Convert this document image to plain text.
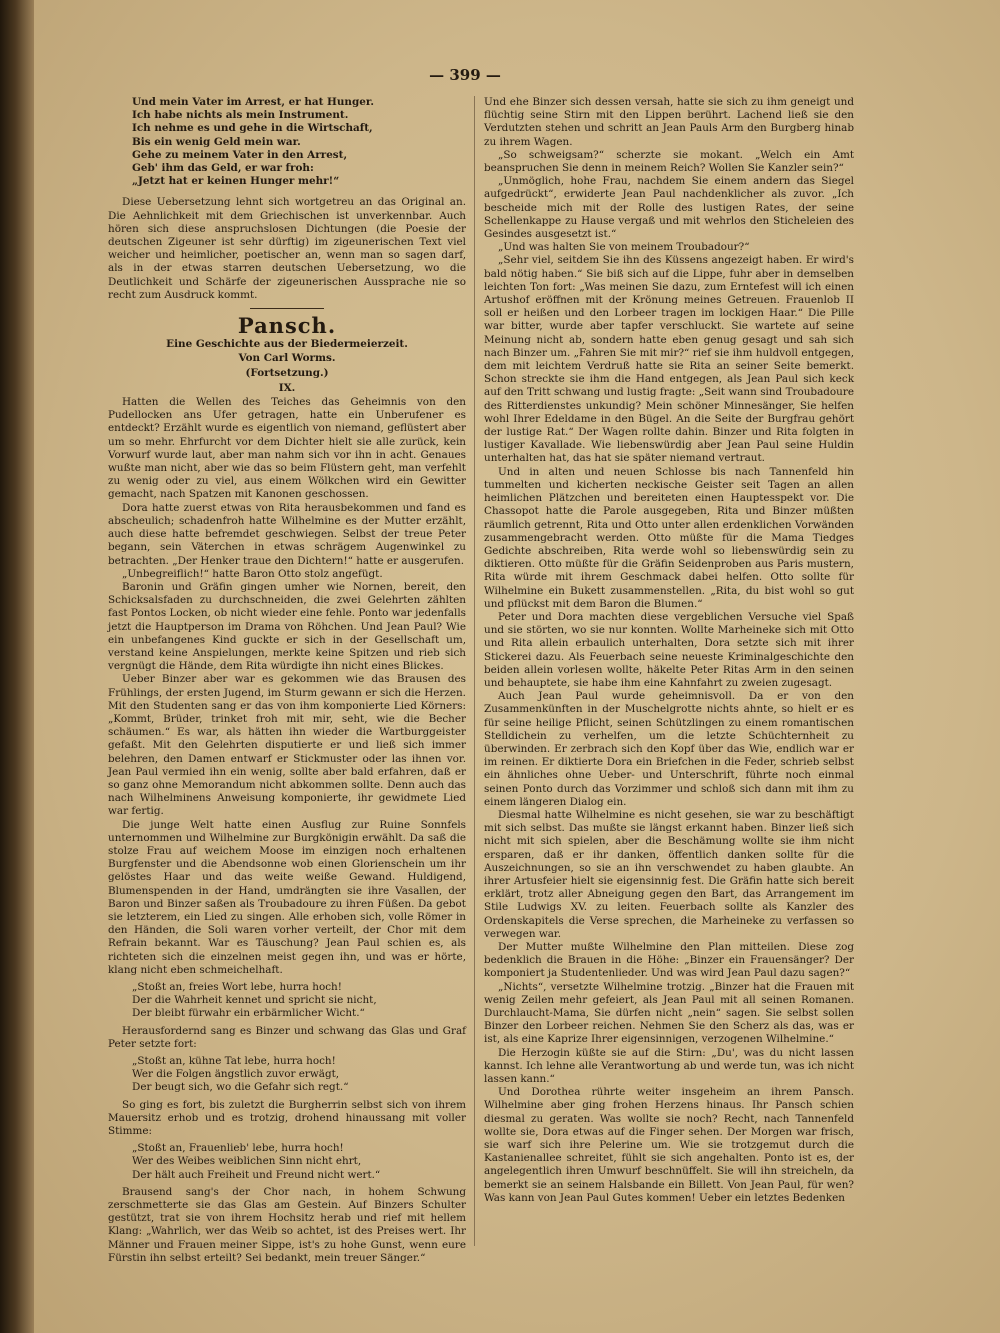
— 399 —
Und mein Vater im Arrest, er hat Hunger.
Ich habe nichts als mein Instrument.
Ich nehme es und gehe in die Wirtschaft,
Bis ein wenig Geld mein war.
Gehe zu meinem Vater in den Arrest,
Geb' ihm das Geld, er war froh:
„Jetzt hat er keinen Hunger mehr!“

Diese Uebersetzung lehnt sich wortgetreu an das Original an. Die Aehnlichkeit mit dem Griechischen ist unverkennbar. Auch hören sich diese anspruchslosen Dichtungen (die Poesie der deutschen Zigeuner ist sehr dürftig) im zigeunerischen Text viel weicher und heimlicher, poetischer an, wenn man so sagen darf, als in der etwas starren deutschen Uebersetzung, wo die Deutlichkeit und Schärfe der zigeunerischen Aussprache nie so recht zum Ausdruck kommt.

Pansch.
Eine Geschichte aus der Biedermeierzeit.
Von Carl Worms.
(Fortsetzung.)
IX.

Hatten die Wellen des Teiches das Geheimnis von den Pudellocken ans Ufer getragen, hatte ein Unberufener es entdeckt? Erzählt wurde es eigentlich von niemand, geflüstert aber um so mehr. Ehrfurcht vor dem Dichter hielt sie alle zurück, kein Vorwurf wurde laut, aber man nahm sich vor ihn in acht. Genaues wußte man nicht, aber wie das so beim Flüstern geht, man verfehlt zu wenig oder zu viel, aus einem Wölkchen wird ein Gewitter gemacht, nach Spatzen mit Kanonen geschossen.

Dora hatte zuerst etwas von Rita herausbekommen und fand es abscheulich; schadenfroh hatte Wilhelmine es der Mutter erzählt, auch diese hatte befremdet geschwiegen. Selbst der treue Peter begann, sein Väterchen in etwas schrägem Augenwinkel zu betrachten. „Der Henker traue den Dichtern!“ hatte er ausgerufen.

„Unbegreiflich!“ hatte Baron Otto stolz angefügt.

Baronin und Gräfin gingen umher wie Nornen, bereit, den Schicksalsfaden zu durchschneiden, die zwei Gelehrten zählten fast Pontos Locken, ob nicht wieder eine fehle. Ponto war jedenfalls jetzt die Hauptperson im Drama von Röhchen. Und Jean Paul? Wie ein unbefangenes Kind guckte er sich in der Gesellschaft um, verstand keine Anspielungen, merkte keine Spitzen und rieb sich vergnügt die Hände, dem Rita würdigte ihn nicht eines Blickes.

Ueber Binzer aber war es gekommen wie das Brausen des Frühlings, der ersten Jugend, im Sturm gewann er sich die Herzen. Mit den Studenten sang er das von ihm komponierte Lied Körners: „Kommt, Brüder, trinket froh mit mir, seht, wie die Becher schäumen.“ Es war, als hätten ihn wieder die Wartburggeister gefaßt. Mit den Gelehrten disputierte er und ließ sich immer belehren, den Damen entwarf er Stickmuster oder las ihnen vor. Jean Paul vermied ihn ein wenig, sollte aber bald erfahren, daß er so ganz ohne Memorandum nicht abkommen sollte. Denn auch das nach Wilhelminens Anweisung komponierte, ihr gewidmete Lied war fertig.

Die junge Welt hatte einen Ausflug zur Ruine Sonnfels unternommen und Wilhelmine zur Burgkönigin erwählt. Da saß die stolze Frau auf weichem Moose im einzigen noch erhaltenen Burgfenster und die Abendsonne wob einen Glorienschein um ihr gelöstes Haar und das weite weiße Gewand. Huldigend, Blumenspenden in der Hand, umdrängten sie ihre Vasallen, der Baron und Binzer saßen als Troubadoure zu ihren Füßen. Da gebot sie letzterem, ein Lied zu singen. Alle erhoben sich, volle Römer in den Händen, die Soli waren vorher verteilt, der Chor mit dem Refrain bekannt. War es Täuschung? Jean Paul schien es, als richteten sich die einzelnen meist gegen ihn, und was er hörte, klang nicht eben schmeichelhaft.

„Stoßt an, freies Wort lebe, hurra hoch!
Der die Wahrheit kennet und spricht sie nicht,
Der bleibt fürwahr ein erbärmlicher Wicht.“

Herausfordernd sang es Binzer und schwang das Glas und Graf Peter setzte fort:

„Stoßt an, kühne Tat lebe, hurra hoch!
Wer die Folgen ängstlich zuvor erwägt,
Der beugt sich, wo die Gefahr sich regt.“

So ging es fort, bis zuletzt die Burgherrin selbst sich von ihrem Mauersitz erhob und es trotzig, drohend hinaussang mit voller Stimme:

„Stoßt an, Frauenlieb' lebe, hurra hoch!
Wer des Weibes weiblichen Sinn nicht ehrt,
Der hält auch Freiheit und Freund nicht wert.“

Brausend sang's der Chor nach, in hohem Schwung zerschmetterte sie das Glas am Gestein. Auf Binzers Schulter gestützt, trat sie von ihrem Hochsitz herab und rief mit hellem Klang: „Wahrlich, wer das Weib so achtet, ist des Preises wert. Ihr Männer und Frauen meiner Sippe, ist's zu hohe Gunst, wenn eure Fürstin ihn selbst erteilt? Sei bedankt, mein treuer Sänger.“

Und ehe Binzer sich dessen versah, hatte sie sich zu ihm geneigt und flüchtig seine Stirn mit den Lippen berührt. Lachend ließ sie den Verdutzten stehen und schritt an Jean Pauls Arm den Burgberg hinab zu ihrem Wagen.

„So schweigsam?“ scherzte sie mokant. „Welch ein Amt beanspruchen Sie denn in meinem Reich? Wollen Sie Kanzler sein?“

„Unmöglich, hohe Frau, nachdem Sie einem andern das Siegel aufgedrückt“, erwiderte Jean Paul nachdenklicher als zuvor. „Ich bescheide mich mit der Rolle des lustigen Rates, der seine Schellenkappe zu Hause vergaß und mit wehrlos den Sticheleien des Gesindes ausgesetzt ist.“

„Und was halten Sie von meinem Troubadour?“

„Sehr viel, seitdem Sie ihn des Küssens angezeigt haben. Er wird's bald nötig haben.“ Sie biß sich auf die Lippe, fuhr aber in demselben leichten Ton fort: „Was meinen Sie dazu, zum Erntefest will ich einen Artushof eröffnen mit der Krönung meines Getreuen. Frauenlob II soll er heißen und den Lorbeer tragen im lockigen Haar.“ Die Pille war bitter, wurde aber tapfer verschluckt. Sie wartete auf seine Meinung nicht ab, sondern hatte eben genug gesagt und sah sich nach Binzer um. „Fahren Sie mit mir?“ rief sie ihm huldvoll entgegen, dem mit leichtem Verdruß hatte sie Rita an seiner Seite bemerkt. Schon streckte sie ihm die Hand entgegen, als Jean Paul sich keck auf den Tritt schwang und lustig fragte: „Seit wann sind Troubadoure des Ritterdienstes unkundig? Mein schöner Minnesänger, Sie helfen wohl Ihrer Edeldame in den Bügel. An die Seite der Burgfrau gehört der lustige Rat.“ Der Wagen rollte dahin. Binzer und Rita folgten in lustiger Kavallade. Wie liebenswürdig aber Jean Paul seine Huldin unterhalten hat, das hat sie später niemand vertraut.

Und in alten und neuen Schlosse bis nach Tannenfeld hin tummelten und kicherten neckische Geister seit Tagen an allen heimlichen Plätzchen und bereiteten einen Hauptesspekt vor. Die Chassopot hatte die Parole ausgegeben, Rita und Binzer müßten räumlich getrennt, Rita und Otto unter allen erdenklichen Vorwänden zusammengebracht werden. Otto müßte für die Mama Tiedges Gedichte abschreiben, Rita werde wohl so liebenswürdig sein zu diktieren. Otto müßte für die Gräfin Seidenproben aus Paris mustern, Rita würde mit ihrem Geschmack dabei helfen. Otto sollte für Wilhelmine ein Bukett zusammenstellen. „Rita, du bist wohl so gut und pflückst mit dem Baron die Blumen.“

Peter und Dora machten diese vergeblichen Versuche viel Spaß und sie störten, wo sie nur konnten. Wollte Marheineke sich mit Otto und Rita allein erbaulich unterhalten, Dora setzte sich mit ihrer Stickerei dazu. Als Feuerbach seine neueste Kriminalgeschichte den beiden allein vorlesen wollte, häkelte Peter Ritas Arm in den seinen und behauptete, sie habe ihm eine Kahnfahrt zu zweien zugesagt.

Auch Jean Paul wurde geheimnisvoll. Da er von den Zusammenkünften in der Muschelgrotte nichts ahnte, so hielt er es für seine heilige Pflicht, seinen Schützlingen zu einem romantischen Stelldichein zu verhelfen, um die letzte Schüchternheit zu überwinden. Er zerbrach sich den Kopf über das Wie, endlich war er im reinen. Er diktierte Dora ein Briefchen in die Feder, schrieb selbst ein ähnliches ohne Ueber- und Unterschrift, führte noch einmal seinen Ponto durch das Vorzimmer und schloß sich dann mit ihm zu einem längeren Dialog ein.

Diesmal hatte Wilhelmine es nicht gesehen, sie war zu beschäftigt mit sich selbst. Das mußte sie längst erkannt haben. Binzer ließ sich nicht mit sich spielen, aber die Beschämung wollte sie ihm nicht ersparen, daß er ihr danken, öffentlich danken sollte für die Auszeichnungen, so sie an ihn verschwendet zu haben glaubte. An ihrer Artusfeier hielt sie eigensinnig fest. Die Gräfin hatte sich bereit erklärt, trotz aller Abneigung gegen den Bart, das Arrangement im Stile Ludwigs XV. zu leiten. Feuerbach sollte als Kanzler des Ordenskapitels die Verse sprechen, die Marheineke zu verfassen so verwegen war.

Der Mutter mußte Wilhelmine den Plan mitteilen. Diese zog bedenklich die Brauen in die Höhe: „Binzer ein Frauensänger? Der komponiert ja Studentenlieder. Und was wird Jean Paul dazu sagen?“

„Nichts“, versetzte Wilhelmine trotzig. „Binzer hat die Frauen mit wenig Zeilen mehr gefeiert, als Jean Paul mit all seinen Romanen. Durchlaucht-Mama, Sie dürfen nicht „nein“ sagen. Sie selbst sollen Binzer den Lorbeer reichen. Nehmen Sie den Scherz als das, was er ist, als eine Kaprize Ihrer eigensinnigen, verzogenen Wilhelmine.“

Die Herzogin küßte sie auf die Stirn: „Du', was du nicht lassen kannst. Ich lehne alle Verantwortung ab und werde tun, was ich nicht lassen kann.“

Und Dorothea rührte weiter insgeheim an ihrem Pansch. Wilhelmine aber ging frohen Herzens hinaus. Ihr Pansch schien diesmal zu geraten. Was wollte sie noch? Recht, nach Tannenfeld wollte sie, Dora etwas auf die Finger sehen. Der Morgen war frisch, sie warf sich ihre Pelerine um. Wie sie trotzgemut durch die Kastanienallee schreitet, fühlt sie sich angehalten. Ponto ist es, der angelegentlich ihren Umwurf beschnüffelt. Sie will ihn streicheln, da bemerkt sie an seinem Halsbande ein Billett. Von Jean Paul, für wen? Was kann von Jean Paul Gutes kommen! Ueber ein letztes Bedenken
